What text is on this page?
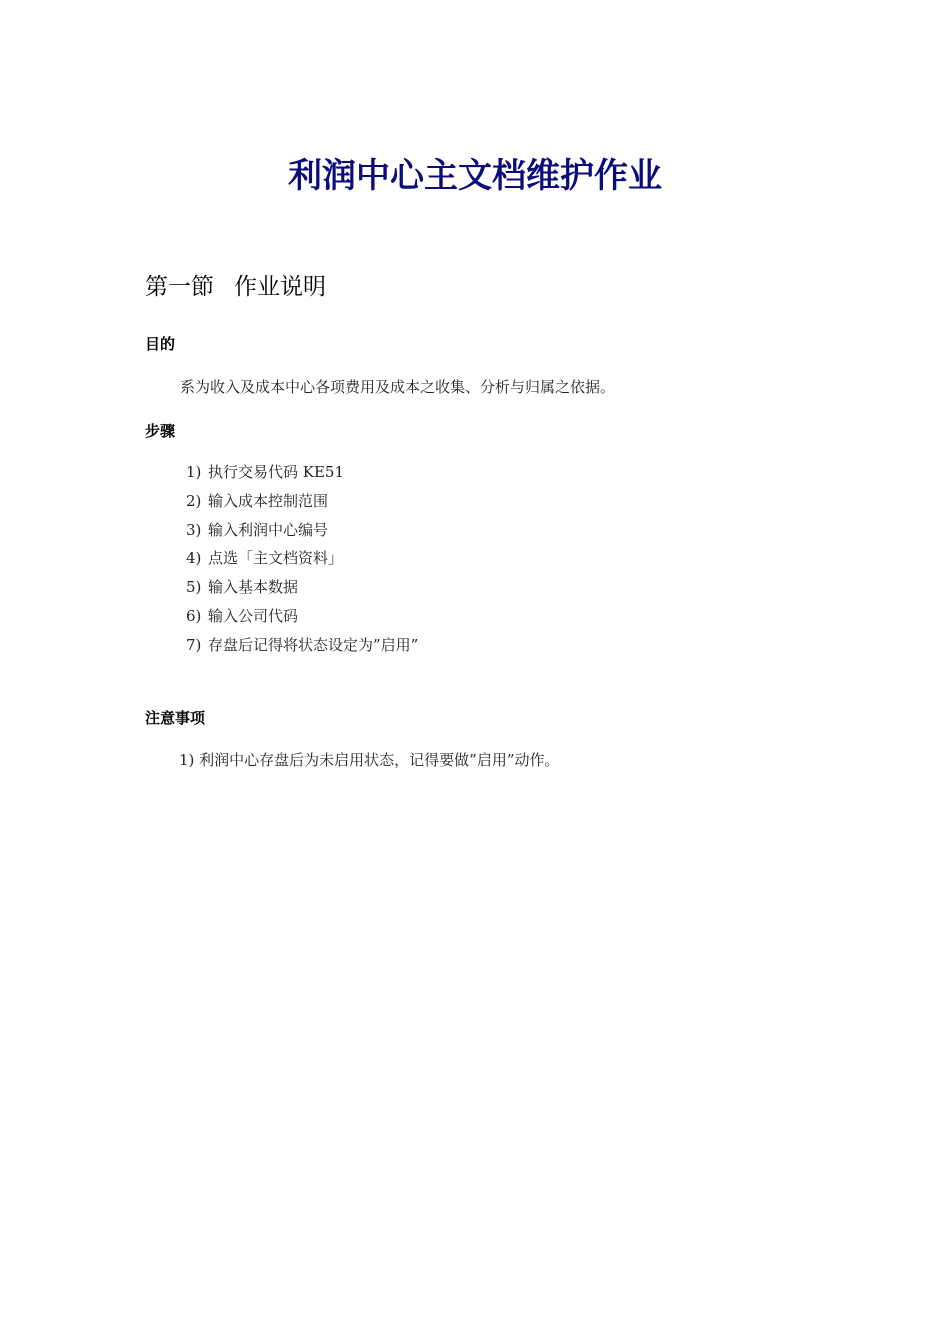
利润中心主文档维护作业
第一節 作业说明
目的
系为收入及成本中心各项费用及成本之收集、分析与归属之依据。
步骤
1) 执行交易代码 KE51
2) 输入成本控制范围
3) 输入利润中心编号
4) 点选「主文档资料」
5) 输入基本数据
6) 输入公司代码
7) 存盘后记得将状态设定为”启用”
注意事项
1) 利润中心存盘后为未启用状态，记得要做”启用”动作。
